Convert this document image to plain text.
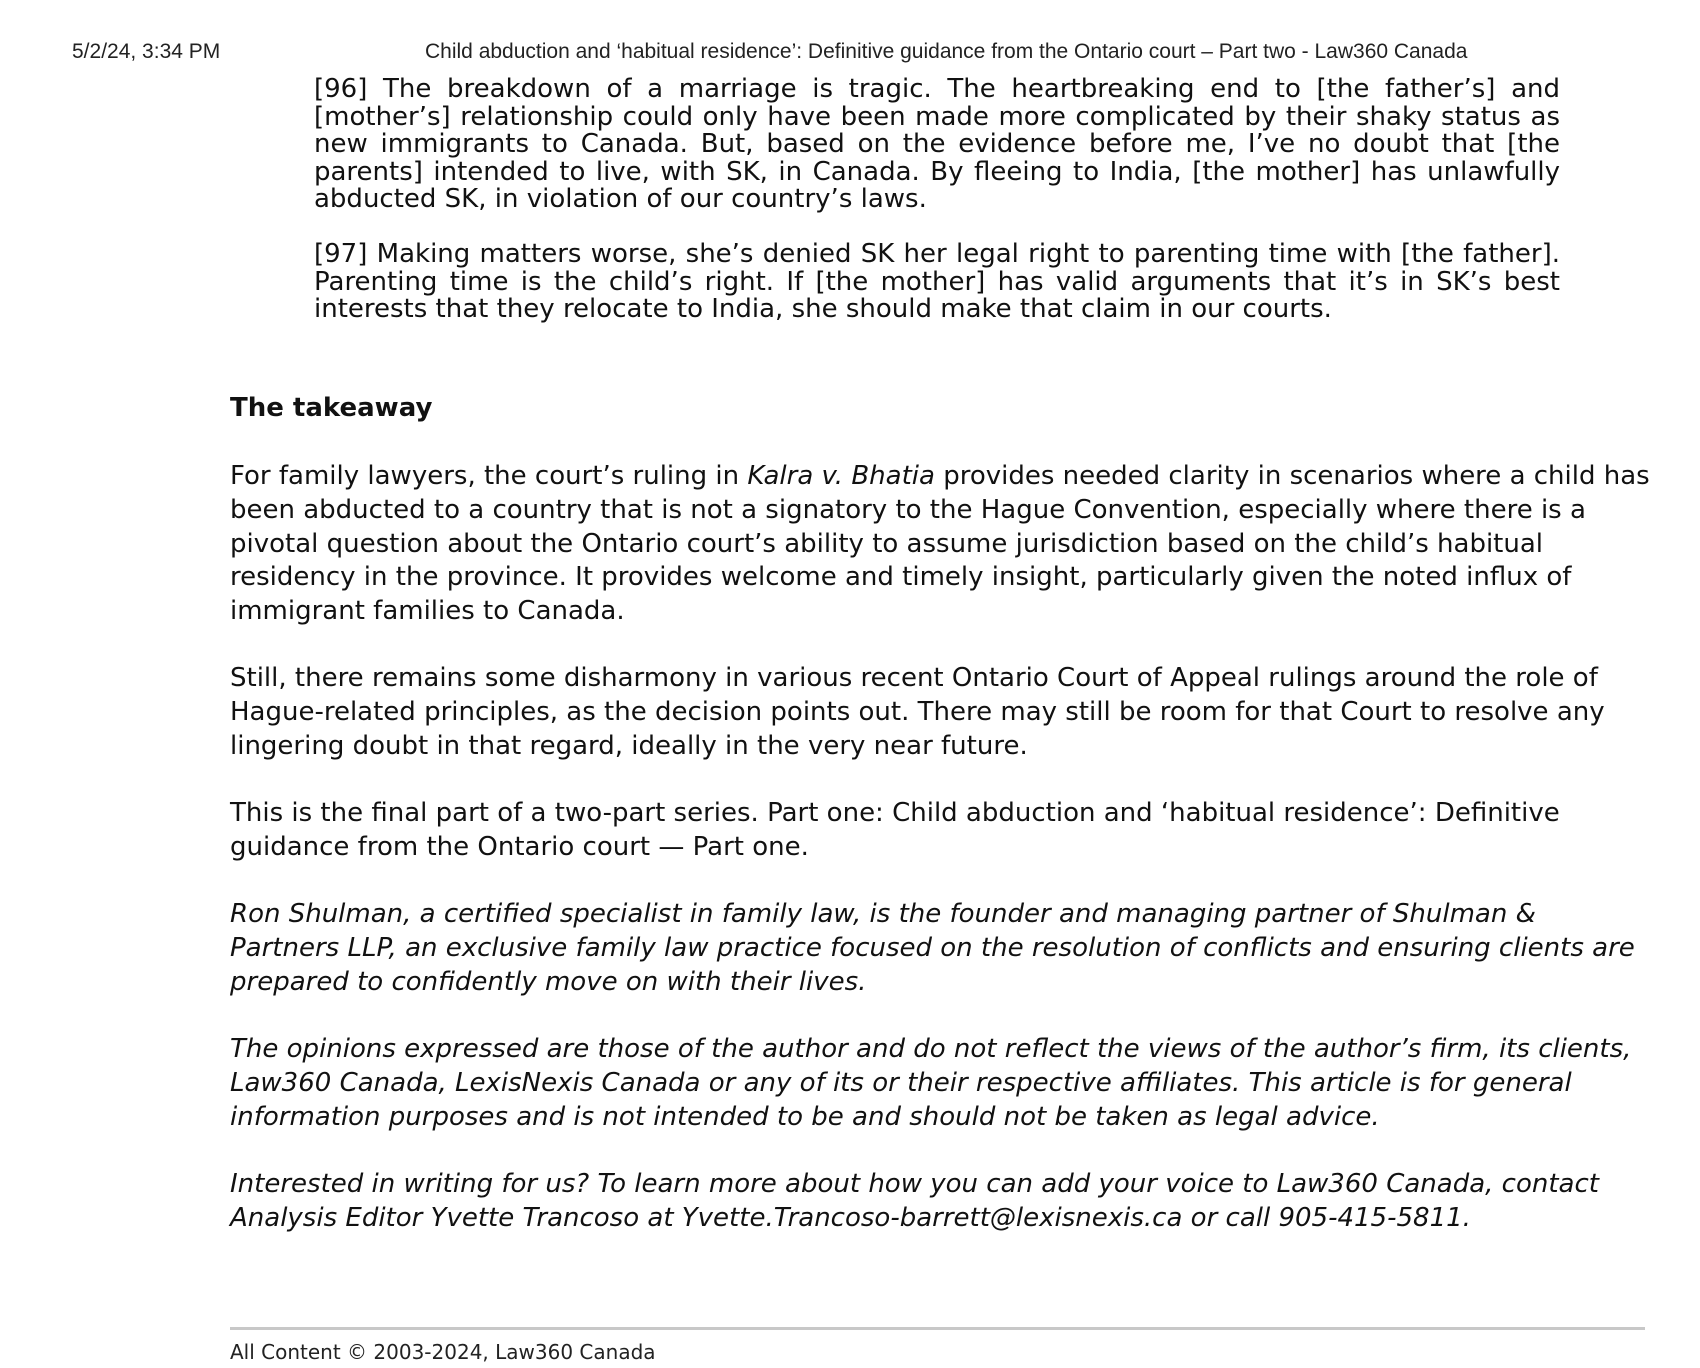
5/2/24, 3:34 PM	Child abduction and ‘habitual residence’: Definitive guidance from the Ontario court – Part two - Law360 Canada

[96] The breakdown of a marriage is tragic. The heartbreaking end to [the father’s] and [mother’s] relationship could only have been made more complicated by their shaky status as new immigrants to Canada. But, based on the evidence before me, I’ve no doubt that [the parents] intended to live, with SK, in Canada. By fleeing to India, [the mother] has unlawfully abducted SK, in violation of our country’s laws.

[97] Making matters worse, she’s denied SK her legal right to parenting time with [the father]. Parenting time is the child’s right. If [the mother] has valid arguments that it’s in SK’s best interests that they relocate to India, she should make that claim in our courts.

The takeaway

For family lawyers, the court’s ruling in Kalra v. Bhatia provides needed clarity in scenarios where a child has been abducted to a country that is not a signatory to the Hague Convention, especially where there is a pivotal question about the Ontario court’s ability to assume jurisdiction based on the child’s habitual residency in the province. It provides welcome and timely insight, particularly given the noted influx of immigrant families to Canada.

Still, there remains some disharmony in various recent Ontario Court of Appeal rulings around the role of Hague-related principles, as the decision points out. There may still be room for that Court to resolve any lingering doubt in that regard, ideally in the very near future.

This is the final part of a two-part series. Part one: Child abduction and ‘habitual residence’: Definitive guidance from the Ontario court — Part one.

Ron Shulman, a certified specialist in family law, is the founder and managing partner of Shulman & Partners LLP, an exclusive family law practice focused on the resolution of conflicts and ensuring clients are prepared to confidently move on with their lives.

The opinions expressed are those of the author and do not reflect the views of the author’s firm, its clients, Law360 Canada, LexisNexis Canada or any of its or their respective affiliates. This article is for general information purposes and is not intended to be and should not be taken as legal advice.

Interested in writing for us? To learn more about how you can add your voice to Law360 Canada, contact Analysis Editor Yvette Trancoso at Yvette.Trancoso-barrett@lexisnexis.ca or call 905-415-5811.

All Content © 2003-2024, Law360 Canada
